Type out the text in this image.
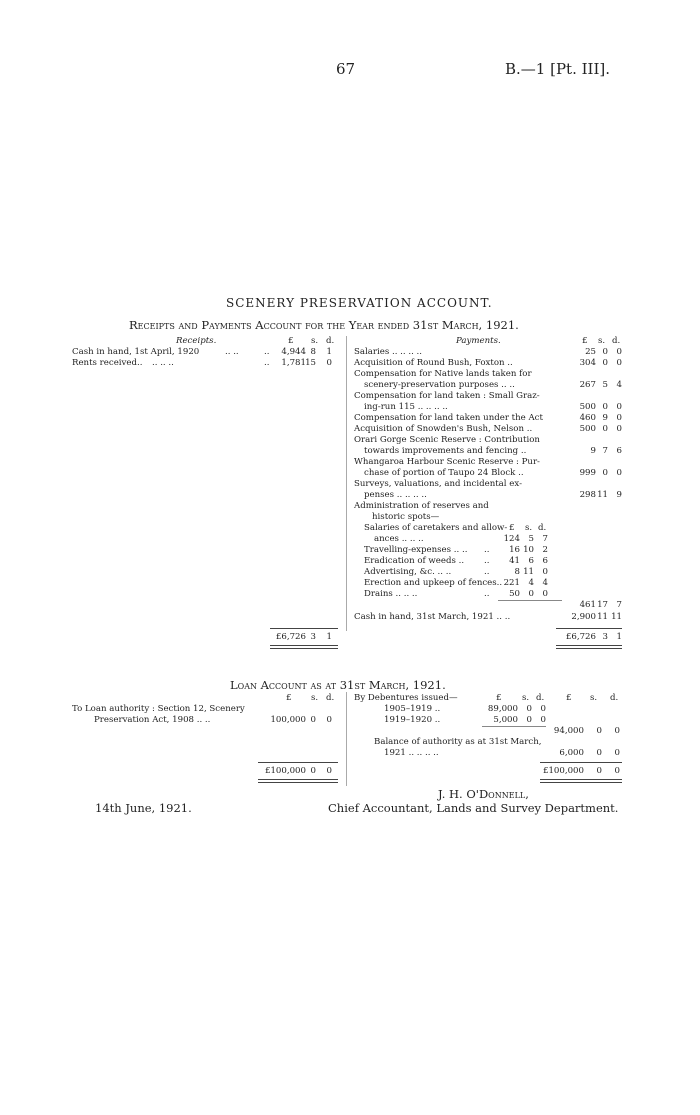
67	B.—1 [Pt. III].
SCENERY PRESERVATION ACCOUNT.
Receipts and Payments Account for the Year ended 31st March, 1921.
Receipts.	£ s. d.	Payments.	£ s. d.
Cash in hand, 1st April, 1920	.. ..	..	4,944 8	1
Rents received.. .. .. ..	..	1,781 15	0
Salaries .. .. .. ..	25 0 0
Acquisition of Round Bush, Foxton ..	304 0 0
Compensation for Native lands taken for
scenery-preservation purposes .. ..	267 5 4
Compensation for land taken : Small Graz-
ing-run 115 .. .. .. ..	500 0 0
Compensation for land taken under the Act	460 9 0
Acquisition of Snowden's Bush, Nelson ..	500 0 0
Orari Gorge Scenic Reserve : Contribution
towards improvements and fencing ..	9 7 6
Whangaroa Harbour Scenic Reserve : Pur-
chase of portion of Taupo 24 Block ..	999 0 0
Surveys, valuations, and incidental ex-
penses .. .. .. ..	298 11 9
Administration of reserves and
historic spots—
Salaries of caretakers and allow- £ s. d.
ances .. .. ..	124 5 7
Travelling-expenses .. .. ..	16 10 2
Eradication of weeds .. ..	41 6 6
Advertising, &c. .. ..	..	8 11 0
Erection and upkeep of fences.. 221 4 4
Drains .. .. ..	..	50 0 0
461 17 7
Cash in hand, 31st March, 1921 .. ..	2,900 11 11
£6,726 3	1	£6,726 3 1
Loan Account as at 31st March, 1921.
£ s. d.
To Loan authority : Section 12, Scenery
Preservation Act, 1908 .. ..	100,000 0	0
By Debentures issued—	£ s. d.	£ s. d.
1905–1919 ..	89,000 0 0
1919–1920 ..	5,000 0 0
94,000	0	0
Balance of authority as at 31st March,
1921 .. .. .. ..	6,000	0	0
£100,000 0	0	£100,000	0	0
J. H. O'Donnell,
Chief Accountant, Lands and Survey Department.
14th June, 1921.
